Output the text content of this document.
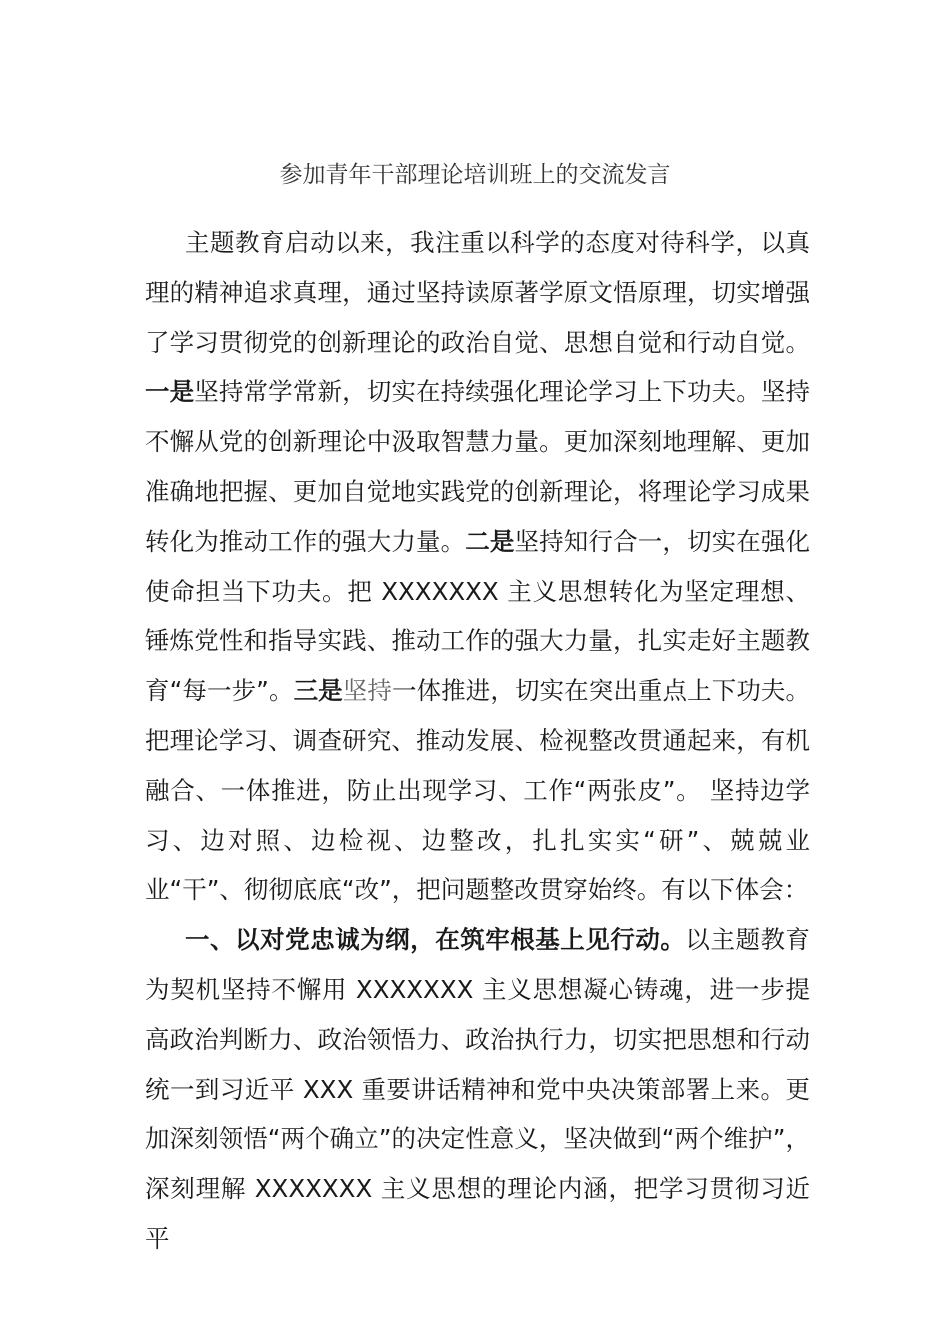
参加青年干部理论培训班上的交流发言

主题教育启动以来，我注重以科学的态度对待科学，以真理的精神追求真理，通过坚持读原著学原文悟原理，切实增强了学习贯彻党的创新理论的政治自觉、思想自觉和行动自觉。一是坚持常学常新，切实在持续强化理论学习上下功夫。坚持不懈从党的创新理论中汲取智慧力量。更加深刻地理解、更加准确地把握、更加自觉地实践党的创新理论，将理论学习成果转化为推动工作的强大力量。二是坚持知行合一，切实在强化使命担当下功夫。把 XXXXXXX 主义思想转化为坚定理想、锤炼党性和指导实践、推动工作的强大力量，扎实走好主题教育“每一步”。三是坚持一体推进，切实在突出重点上下功夫。把理论学习、调查研究、推动发展、检视整改贯通起来，有机融合、一体推进，防止出现学习、工作“两张皮”。 坚持边学习、边对照、边检视、边整改，扎扎实实“研”、兢兢业业“干”、彻彻底底“改”，把问题整改贯穿始终。有以下体会：

一、以对党忠诚为纲，在筑牢根基上见行动。以主题教育为契机坚持不懈用 XXXXXXX 主义思想凝心铸魂，进一步提高政治判断力、政治领悟力、政治执行力，切实把思想和行动统一到习近平 XXX 重要讲话精神和党中央决策部署上来。更加深刻领悟“两个确立”的决定性意义，坚决做到“两个维护”，深刻理解 XXXXXXX 主义思想的理论内涵，把学习贯彻习近平
